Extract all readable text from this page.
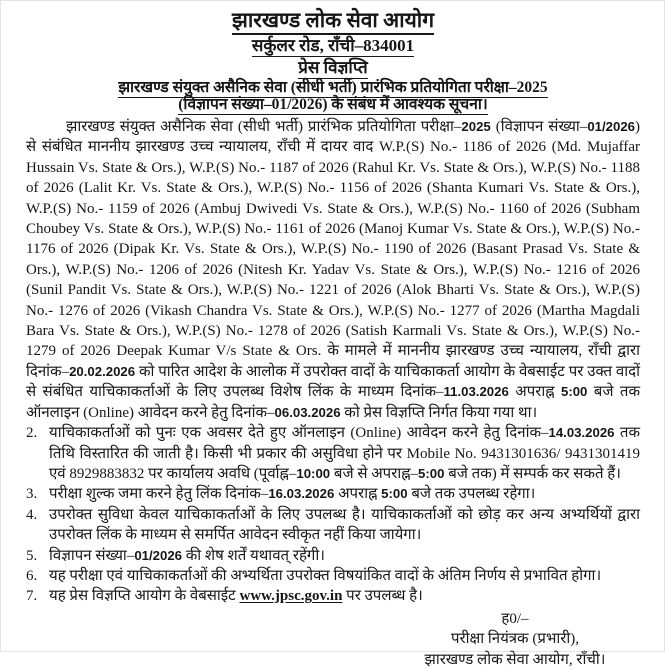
झारखण्ड लोक सेवा आयोग
सर्कुलर रोड, राँची–834001
प्रेस विज्ञप्ति
झारखण्ड संयुक्त असैनिक सेवा (सीधी भर्ती) प्रारंभिक प्रतियोगिता परीक्षा–2025
(विज्ञापन संख्या–01/2026) के संबंध में आवश्यक सूचना।

झारखण्ड संयुक्त असैनिक सेवा (सीधी भर्ती) प्रारंभिक प्रतियोगिता परीक्षा–2025 (विज्ञापन संख्या–01/2026) से संबंधित माननीय झारखण्ड उच्च न्यायालय, राँची में दायर वाद W.P.(S) No.- 1186 of 2026 (Md. Mujaffar Hussain Vs. State & Ors.), W.P.(S) No.- 1187 of 2026 (Rahul Kr. Vs. State & Ors.), W.P.(S) No.- 1188 of 2026 (Lalit Kr. Vs. State & Ors.), W.P.(S) No.- 1156 of 2026 (Shanta Kumari Vs. State & Ors.), W.P.(S) No.- 1159 of 2026 (Ambuj Dwivedi Vs. State & Ors.), W.P.(S) No.- 1160 of 2026 (Subham Choubey Vs. State & Ors.), W.P.(S) No.- 1161 of 2026 (Manoj Kumar Vs. State & Ors.), W.P.(S) No.- 1176 of 2026 (Dipak Kr. Vs. State & Ors.), W.P.(S) No.- 1190 of 2026 (Basant Prasad Vs. State & Ors.), W.P.(S) No.- 1206 of 2026 (Nitesh Kr. Yadav Vs. State & Ors.), W.P.(S) No.- 1216 of 2026 (Sunil Pandit Vs. State & Ors.), W.P.(S) No.- 1221 of 2026 (Alok Bharti Vs. State & Ors.), W.P.(S) No.- 1276 of 2026 (Vikash Chandra Vs. State & Ors.), W.P.(S) No.- 1277 of 2026 (Martha Magdali Bara Vs. State & Ors.), W.P.(S) No.- 1278 of 2026 (Satish Karmali Vs. State & Ors.), W.P.(S) No.- 1279 of 2026 Deepak Kumar V/s State & Ors. के मामले में माननीय झारखण्ड उच्च न्यायालय, राँची द्वारा दिनांक–20.02.2026 को पारित आदेश के आलोक में उपरोक्त वादों के याचिकाकर्ता आयोग के वेबसाईट पर उक्त वादों से संबंधित याचिकाकर्ताओं के लिए उपलब्ध विशेष लिंक के माध्यम दिनांक–11.03.2026 अपराह्न 5:00 बजे तक ऑनलाइन (Online) आवेदन करने हेतु दिनांक–06.03.2026 को प्रेस विज्ञप्ति निर्गत किया गया था।

2. याचिकाकर्ताओं को पुनः एक अवसर देते हुए ऑनलाइन (Online) आवेदन करने हेतु दिनांक–14.03.2026 तक तिथि विस्तारित की जाती है। किसी भी प्रकार की असुविधा होने पर Mobile No. 9431301636/ 9431301419 एवं 8929883832 पर कार्यालय अवधि (पूर्वाह्न–10:00 बजे से अपराह्न–5:00 बजे तक) में सम्पर्क कर सकते हैं।
3. परीक्षा शुल्क जमा करने हेतु लिंक दिनांक–16.03.2026 अपराह्न 5:00 बजे तक उपलब्ध रहेगा।
4. उपरोक्त सुविधा केवल याचिकाकर्ताओं के लिए उपलब्ध है। याचिकाकर्ताओं को छोड़ कर अन्य अभ्यर्थियों द्वारा उपरोक्त लिंक के माध्यम से समर्पित आवेदन स्वीकृत नहीं किया जायेगा।
5. विज्ञापन संख्या–01/2026 की शेष शर्तें यथावत् रहेंगी।
6. यह परीक्षा एवं याचिकाकर्ताओं की अभ्यर्थिता उपरोक्त विषयांकित वादों के अंतिम निर्णय से प्रभावित होगा।
7. यह प्रेस विज्ञप्ति आयोग के वेबसाईट www.jpsc.gov.in पर उपलब्ध है।
ह0/–
परीक्षा नियंत्रक (प्रभारी),
झारखण्ड लोक सेवा आयोग, राँची।
